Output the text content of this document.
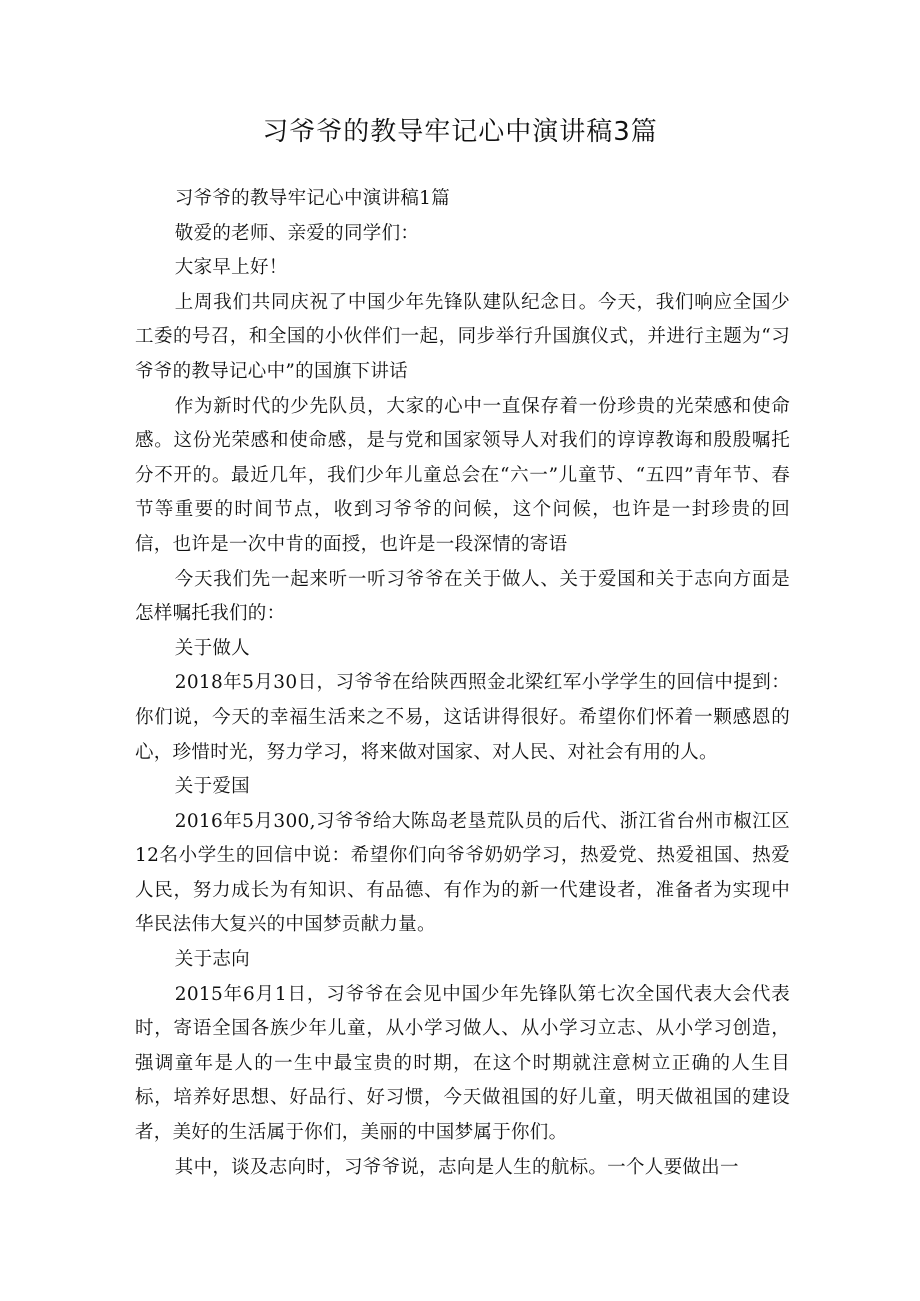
习爷爷的教导牢记心中演讲稿3篇

习爷爷的教导牢记心中演讲稿1篇

敬爱的老师、亲爱的同学们：

大家早上好！

上周我们共同庆祝了中国少年先锋队建队纪念日。今天，我们响应全国少工委的号召，和全国的小伙伴们一起，同步举行升国旗仪式，并进行主题为“习爷爷的教导记心中”的国旗下讲话

作为新时代的少先队员，大家的心中一直保存着一份珍贵的光荣感和使命感。这份光荣感和使命感，是与党和国家领导人对我们的谆谆教诲和殷殷嘱托分不开的。最近几年，我们少年儿童总会在“六一”儿童节、“五四”青年节、春节等重要的时间节点，收到习爷爷的问候，这个问候，也许是一封珍贵的回信，也许是一次中肯的面授，也许是一段深情的寄语

今天我们先一起来听一听习爷爷在关于做人、关于爱国和关于志向方面是怎样嘱托我们的：

关于做人

2018年5月30日，习爷爷在给陕西照金北梁红军小学学生的回信中提到：你们说，今天的幸福生活来之不易，这话讲得很好。希望你们怀着一颗感恩的心，珍惜时光，努力学习，将来做对国家、对人民、对社会有用的人。

关于爱国

2016年5月300,习爷爷给大陈岛老垦荒队员的后代、浙江省台州市椒江区12名小学生的回信中说：希望你们向爷爷奶奶学习，热爱党、热爱祖国、热爱人民，努力成长为有知识、有品德、有作为的新一代建设者，准备者为实现中华民法伟大复兴的中国梦贡献力量。

关于志向

2015年6月1日，习爷爷在会见中国少年先锋队第七次全国代表大会代表时，寄语全国各族少年儿童，从小学习做人、从小学习立志、从小学习创造，强调童年是人的一生中最宝贵的时期，在这个时期就注意树立正确的人生目标，培养好思想、好品行、好习惯，今天做祖国的好儿童，明天做祖国的建设者，美好的生活属于你们，美丽的中国梦属于你们。

其中，谈及志向时，习爷爷说，志向是人生的航标。一个人要做出一
